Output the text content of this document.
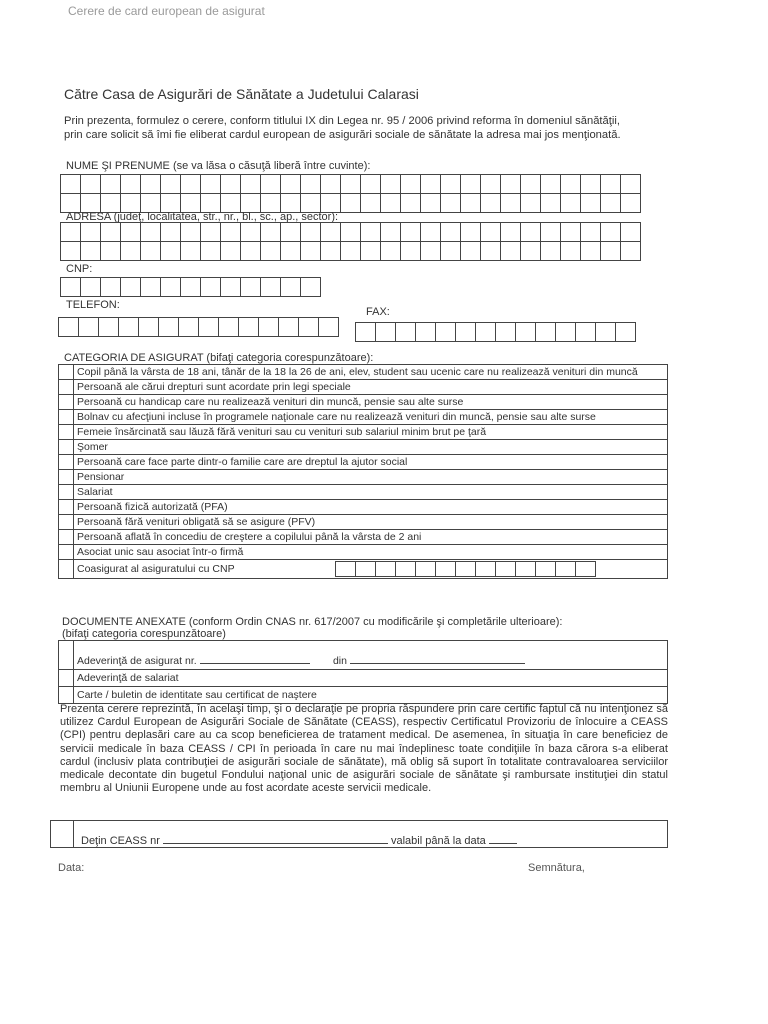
Cerere de card european de asigurat
Către Casa de Asigurări de Sănătate a Judetului Calarasi
Prin prezenta, formulez o cerere, conform titlului IX din Legea nr. 95 / 2006 privind reforma în domeniul sănătăţii,
prin care solicit să îmi fie eliberat cardul european de asigurări sociale de sănătate la adresa mai jos menţionată.
NUME ŞI PRENUME (se va lăsa o căsuţă liberă între cuvinte):
ADRESA (judeţ, localitatea, str., nr., bl., sc., ap., sector):
CNP:
TELEFON:
FAX:
CATEGORIA DE ASIGURAT (bifaţi categoria corespunzătoare):
	Copil până la vârsta de 18 ani, tânăr de la 18 la 26 de ani, elev, student sau ucenic care nu realizează venituri din muncă
	Persoană ale cărui drepturi sunt acordate prin legi speciale
	Persoană cu handicap care nu realizează venituri din muncă, pensie sau alte surse
	Bolnav cu afecţiuni incluse în programele naţionale care nu realizează venituri din muncă, pensie sau alte surse
	Femeie însărcinată sau lăuză fără venituri sau cu venituri sub salariul minim brut pe ţară
	Şomer
	Persoană care face parte dintr-o familie care are dreptul la ajutor social
	Pensionar
	Salariat
	Persoană fizică autorizată (PFA)
	Persoană fără venituri obligată să se asigure (PFV)
	Persoană aflată în concediu de creştere a copilului până la vârsta de 2 ani
	Asociat unic sau asociat într-o firmă
	Coasigurat al asiguratului cu CNP
DOCUMENTE ANEXATE (conform Ordin CNAS nr. 617/2007 cu modificările şi completările ulterioare):
(bifaţi categoria corespunzătoare)

Adeverinţă de asigurat nr. din
	Adeverinţă de salariat
	Carte / buletin de identitate sau certificat de naştere
Prezenta cerere reprezintă, în acelaşi timp, şi o declaraţie pe propria răspundere prin care certific faptul că nu intenţionez să utilizez Cardul European de Asigurări Sociale de Sănătate (CEASS), respectiv Certificatul Provizoriu de înlocuire a CEASS (CPI) pentru deplasări care au ca scop beneficierea de tratament medical. De asemenea, în situaţia în care beneficiez de servicii medicale în baza CEASS / CPI în perioada în care nu mai îndeplinesc toate condiţiile în baza cărora s-a eliberat cardul (inclusiv plata contribuţiei de asigurări sociale de sănătate), mă oblig să suport în totalitate contravaloarea serviciilor medicale decontate din bugetul Fondului naţional unic de asigurări sociale de sănătate şi rambursate instituţiei din statul membru al Uniunii Europene unde au fost acordate aceste servicii medicale.
Deţin CEASS nr	valabil până la data
Data:	Semnătura,
